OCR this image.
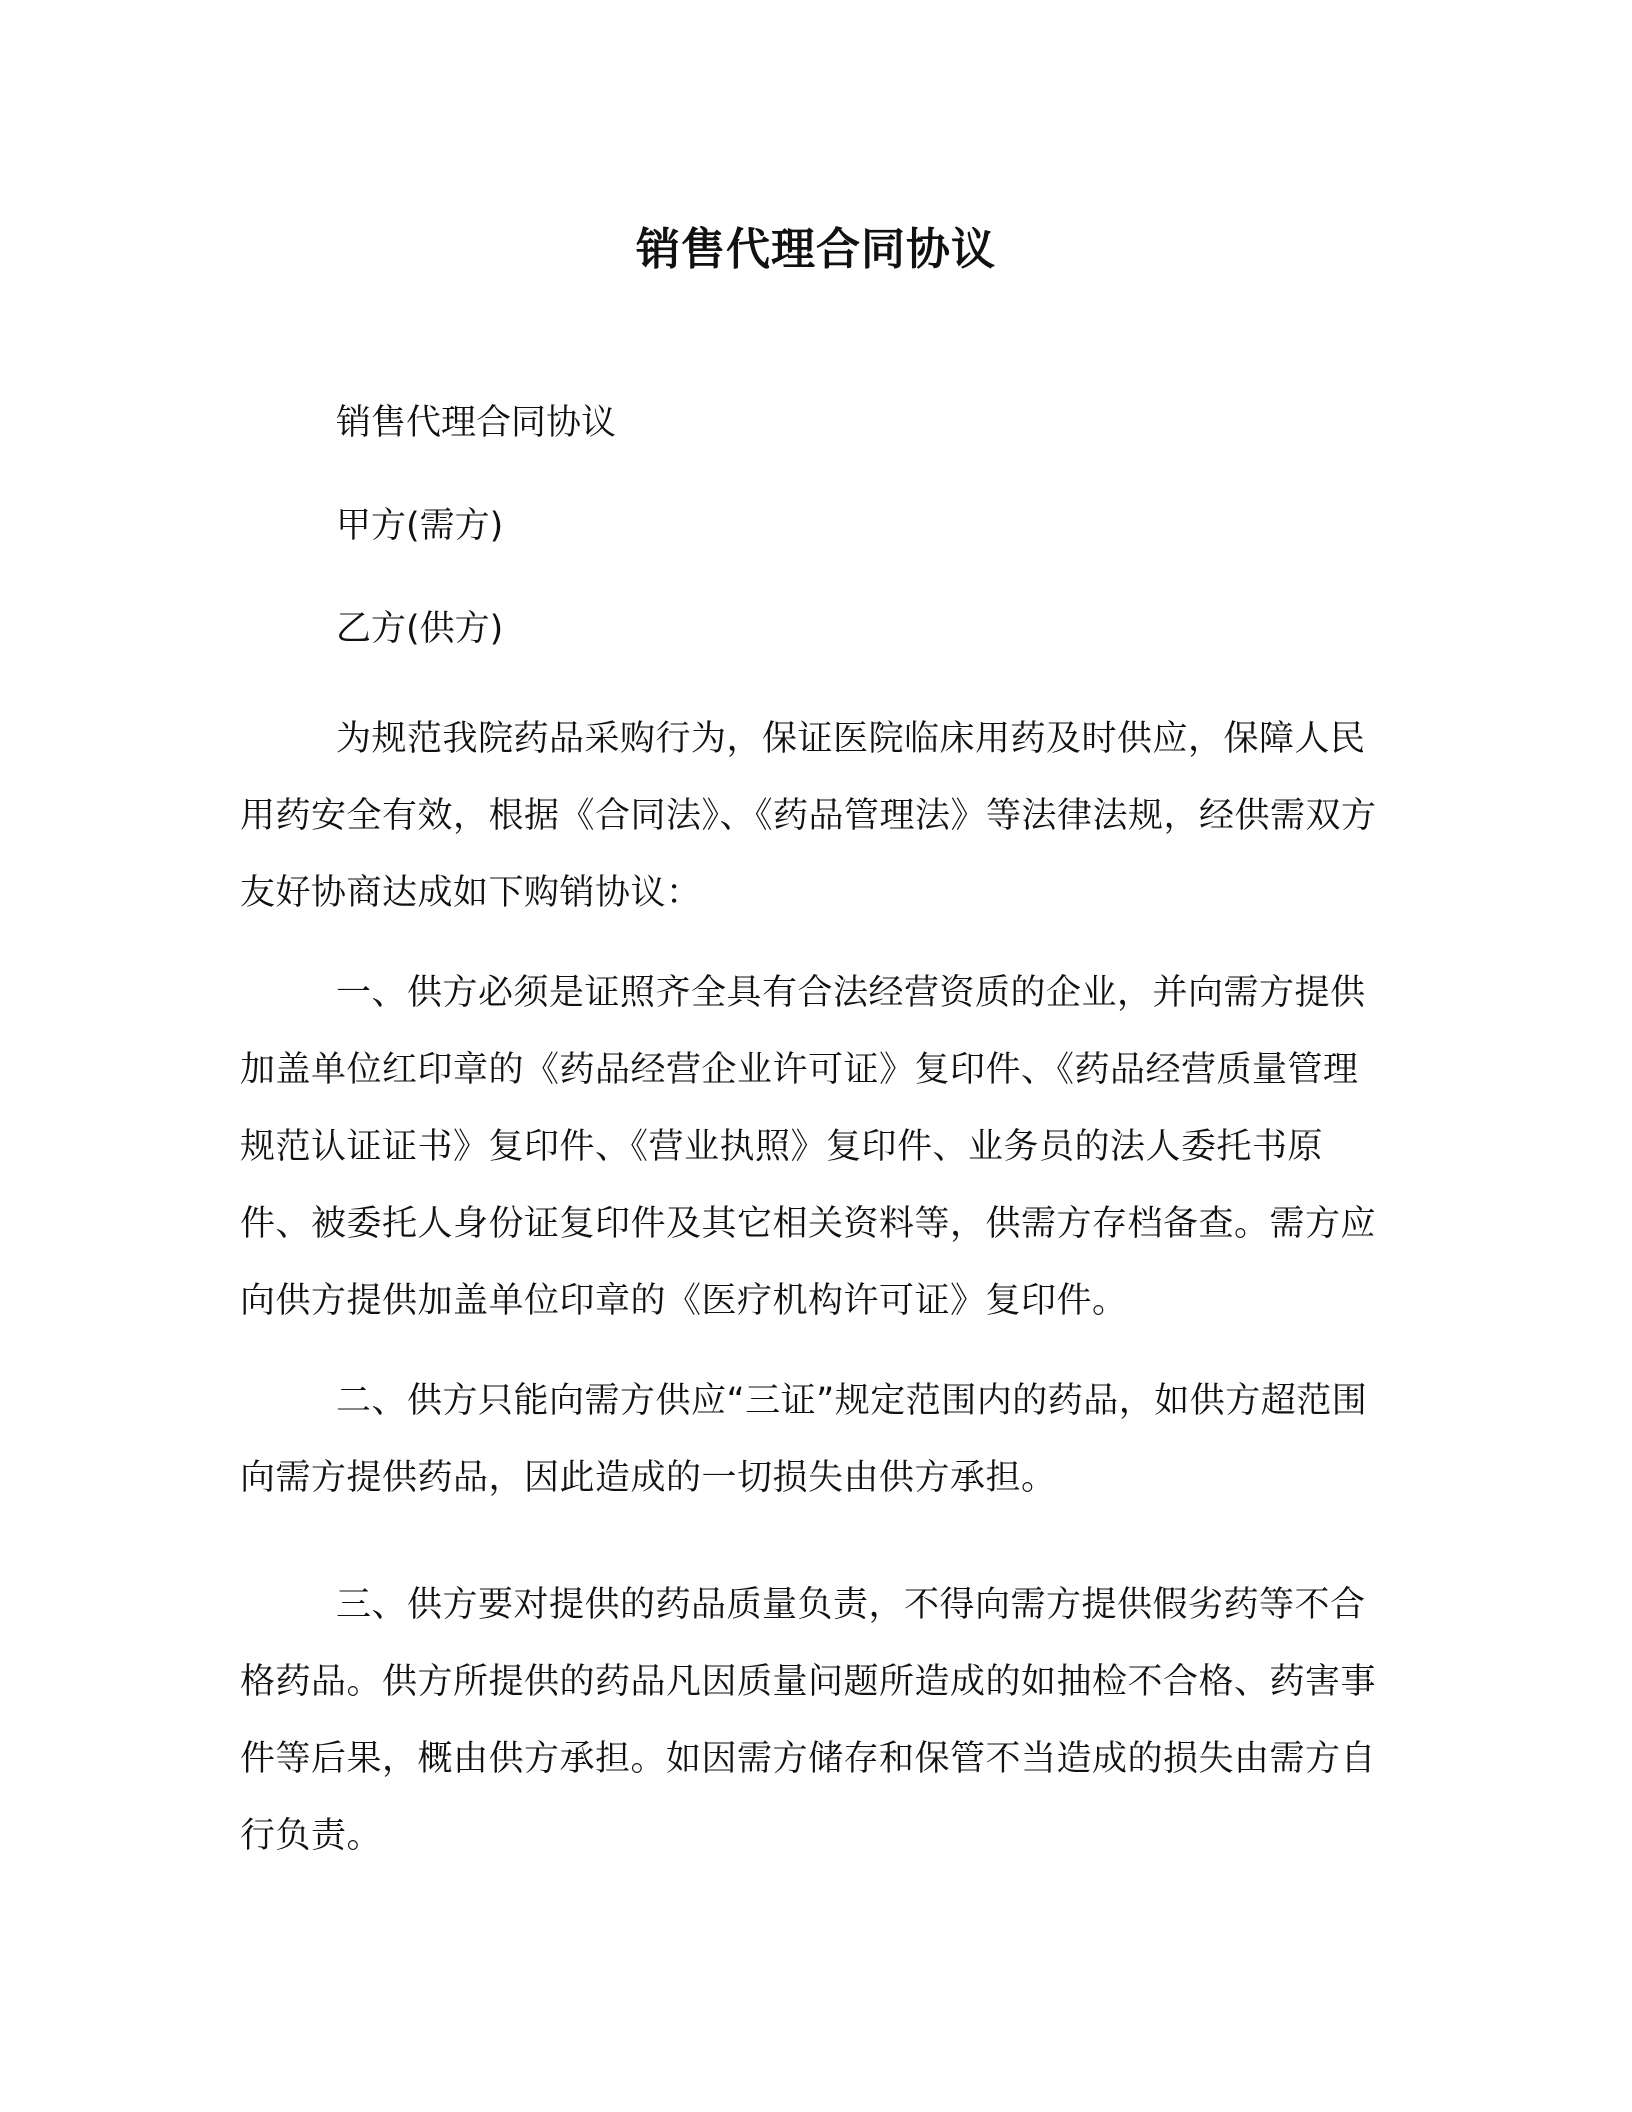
销售代理合同协议

销售代理合同协议

甲方(需方)

乙方(供方)

为规范我院药品采购行为，保证医院临床用药及时供应，保障人民用药安全有效，根据《合同法》、《药品管理法》等法律法规，经供需双方友好协商达成如下购销协议：

一、供方必须是证照齐全具有合法经营资质的企业，并向需方提供加盖单位红印章的《药品经营企业许可证》复印件、《药品经营质量管理规范认证证书》复印件、《营业执照》复印件、业务员的法人委托书原件、被委托人身份证复印件及其它相关资料等，供需方存档备查。需方应向供方提供加盖单位印章的《医疗机构许可证》复印件。

二、供方只能向需方供应“三证”规定范围内的药品，如供方超范围向需方提供药品，因此造成的一切损失由供方承担。

三、供方要对提供的药品质量负责，不得向需方提供假劣药等不合格药品。供方所提供的药品凡因质量问题所造成的如抽检不合格、药害事件等后果，概由供方承担。如因需方储存和保管不当造成的损失由需方自行负责。
